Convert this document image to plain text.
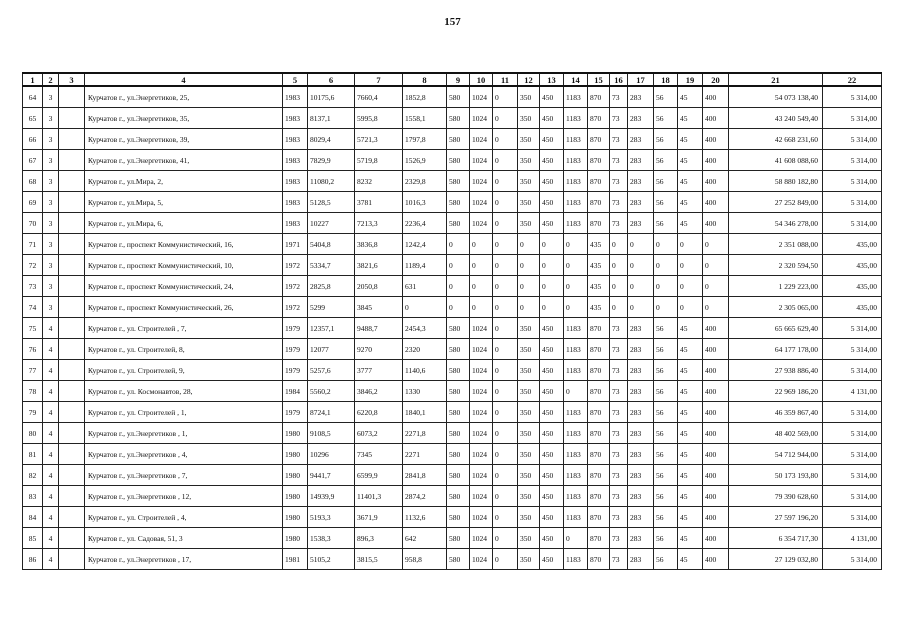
157
1	2	3	4	5	6	7	8	9	10	11	12	13	14	15	16	17	18	19	20	21	22
64	3		Курчатов г., ул.Энергетиков, 25,	1983	10175,6	7660,4	1852,8	580	1024	0	350	450	1183	870	73	283	56	45	400	54 073 138,40	5 314,00
65	3		Курчатов г., ул.Энергетиков, 35,	1983	8137,1	5995,8	1558,1	580	1024	0	350	450	1183	870	73	283	56	45	400	43 240 549,40	5 314,00
66	3		Курчатов г., ул.Энергетиков, 39,	1983	8029,4	5721,3	1797,8	580	1024	0	350	450	1183	870	73	283	56	45	400	42 668 231,60	5 314,00
67	3		Курчатов г., ул.Энергетиков, 41,	1983	7829,9	5719,8	1526,9	580	1024	0	350	450	1183	870	73	283	56	45	400	41 608 088,60	5 314,00
68	3		Курчатов г., ул.Мира, 2,	1983	11080,2	8232	2329,8	580	1024	0	350	450	1183	870	73	283	56	45	400	58 880 182,80	5 314,00
69	3		Курчатов г., ул.Мира, 5,	1983	5128,5	3781	1016,3	580	1024	0	350	450	1183	870	73	283	56	45	400	27 252 849,00	5 314,00
70	3		Курчатов г., ул.Мира, 6,	1983	10227	7213,3	2236,4	580	1024	0	350	450	1183	870	73	283	56	45	400	54 346 278,00	5 314,00
71	3		Курчатов г., проспект Коммунистический, 16,	1971	5404,8	3836,8	1242,4	0	0	0	0	0	0	435	0	0	0	0	0	2 351 088,00	435,00
72	3		Курчатов г., проспект Коммунистический, 10,	1972	5334,7	3821,6	1189,4	0	0	0	0	0	0	435	0	0	0	0	0	2 320 594,50	435,00
73	3		Курчатов г., проспект Коммунистический, 24,	1972	2825,8	2050,8	631	0	0	0	0	0	0	435	0	0	0	0	0	1 229 223,00	435,00
74	3		Курчатов г., проспект Коммунистический, 26,	1972	5299	3845	0	0	0	0	0	0	0	435	0	0	0	0	0	2 305 065,00	435,00
75	4		Курчатов г., ул. Строителей , 7,	1979	12357,1	9488,7	2454,3	580	1024	0	350	450	1183	870	73	283	56	45	400	65 665 629,40	5 314,00
76	4		Курчатов г., ул. Строителей, 8,	1979	12077	9270	2320	580	1024	0	350	450	1183	870	73	283	56	45	400	64 177 178,00	5 314,00
77	4		Курчатов г., ул. Строителей, 9,	1979	5257,6	3777	1140,6	580	1024	0	350	450	1183	870	73	283	56	45	400	27 938 886,40	5 314,00
78	4		Курчатов г., ул. Космонавтов, 28,	1984	5560,2	3846,2	1330	580	1024	0	350	450	0	870	73	283	56	45	400	22 969 186,20	4 131,00
79	4		Курчатов г., ул. Строителей , 1,	1979	8724,1	6220,8	1840,1	580	1024	0	350	450	1183	870	73	283	56	45	400	46 359 867,40	5 314,00
80	4		Курчатов г., ул.Энергетиков , 1,	1980	9108,5	6073,2	2271,8	580	1024	0	350	450	1183	870	73	283	56	45	400	48 402 569,00	5 314,00
81	4		Курчатов г., ул.Энергетиков , 4,	1980	10296	7345	2271	580	1024	0	350	450	1183	870	73	283	56	45	400	54 712 944,00	5 314,00
82	4		Курчатов г., ул.Энергетиков , 7,	1980	9441,7	6599,9	2841,8	580	1024	0	350	450	1183	870	73	283	56	45	400	50 173 193,80	5 314,00
83	4		Курчатов г., ул.Энергетиков , 12,	1980	14939,9	11401,3	2874,2	580	1024	0	350	450	1183	870	73	283	56	45	400	79 390 628,60	5 314,00
84	4		Курчатов г., ул. Строителей , 4,	1980	5193,3	3671,9	1132,6	580	1024	0	350	450	1183	870	73	283	56	45	400	27 597 196,20	5 314,00
85	4		Курчатов г., ул. Садовая, 51, 3	1980	1538,3	896,3	642	580	1024	0	350	450	0	870	73	283	56	45	400	6 354 717,30	4 131,00
86	4		Курчатов г., ул.Энергетиков , 17,	1981	5105,2	3815,5	958,8	580	1024	0	350	450	1183	870	73	283	56	45	400	27 129 032,80	5 314,00
